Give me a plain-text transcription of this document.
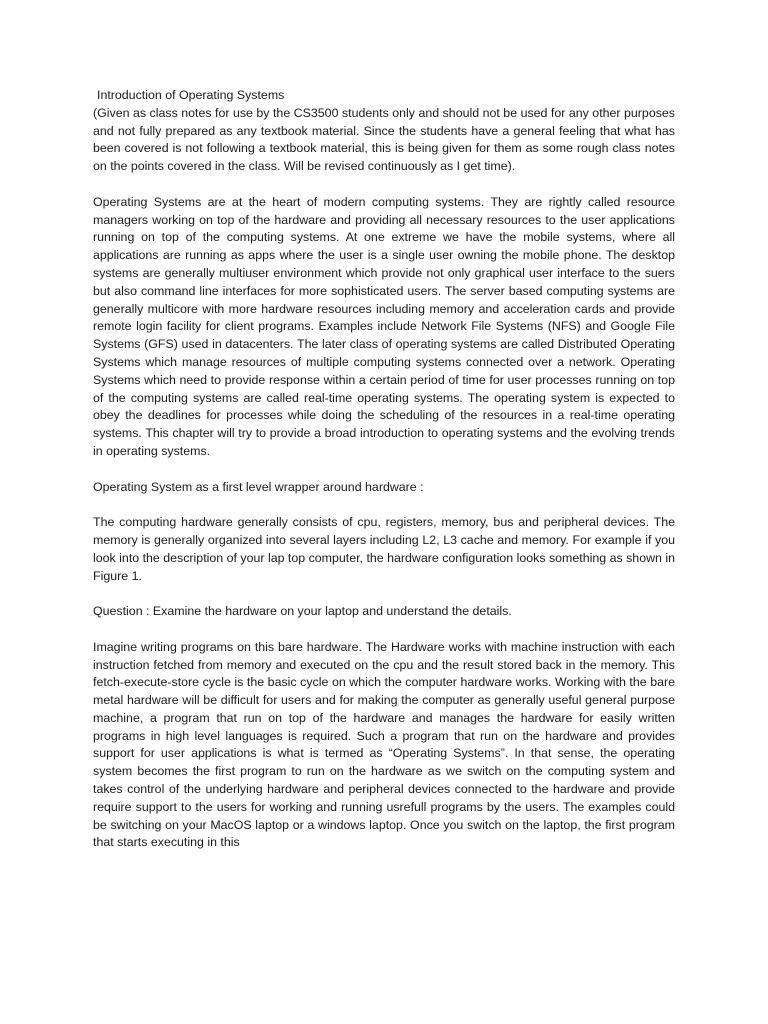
Introduction of Operating Systems

(Given as class notes for use by the CS3500 students only and should not be used for any other purposes and not fully prepared as any textbook material. Since the students have a general feeling that what has been covered is not following a textbook material, this is being given for them as some rough class notes on the points covered in the class. Will be revised continuously as I get time).

Operating Systems are at the heart of modern computing systems. They are rightly called resource managers working on top of the hardware and providing all necessary resources to the user applications running on top of the computing systems. At one extreme we have the mobile systems, where all applications are running as apps where the user is a single user owning the mobile phone. The desktop systems are generally multiuser environment which provide not only graphical user interface to the suers but also command line interfaces for more sophisticated users. The server based computing systems are generally multicore with more hardware resources including memory and acceleration cards and provide remote login facility for client programs. Examples include Network File Systems (NFS) and Google File Systems (GFS) used in datacenters. The later class of operating systems are called Distributed Operating Systems which manage resources of multiple computing systems connected over a network. Operating Systems which need to provide response within a certain period of time for user processes running on top of the computing systems are called real-time operating systems. The operating system is expected to obey the deadlines for processes while doing the scheduling of the resources in a real-time operating systems. This chapter will try to provide a broad introduction to operating systems and the evolving trends in operating systems.

Operating System as a first level wrapper around hardware :

The computing hardware generally consists of cpu, registers, memory, bus and peripheral devices. The memory is generally organized into several layers including L2, L3 cache and memory. For example if you look into the description of your lap top computer, the hardware configuration looks something as shown in Figure 1.

Question : Examine the hardware on your laptop and understand the details.

Imagine writing programs on this bare hardware. The Hardware works with machine instruction with each instruction fetched from memory and executed on the cpu and the result stored back in the memory. This fetch-execute-store cycle is the basic cycle on which the computer hardware works. Working with the bare metal hardware will be difficult for users and for making the computer as generally useful general purpose machine, a program that run on top of the hardware and manages the hardware for easily written programs in high level languages is required. Such a program that run on the hardware and provides support for user applications is what is termed as “Operating Systems”. In that sense, the operating system becomes the first program to run on the hardware as we switch on the computing system and takes control of the underlying hardware and peripheral devices connected to the hardware and provide require support to the users for working and running usrefull programs by the users. The examples could be switching on your MacOS laptop or a windows laptop. Once you switch on the laptop, the first program that starts executing in this
